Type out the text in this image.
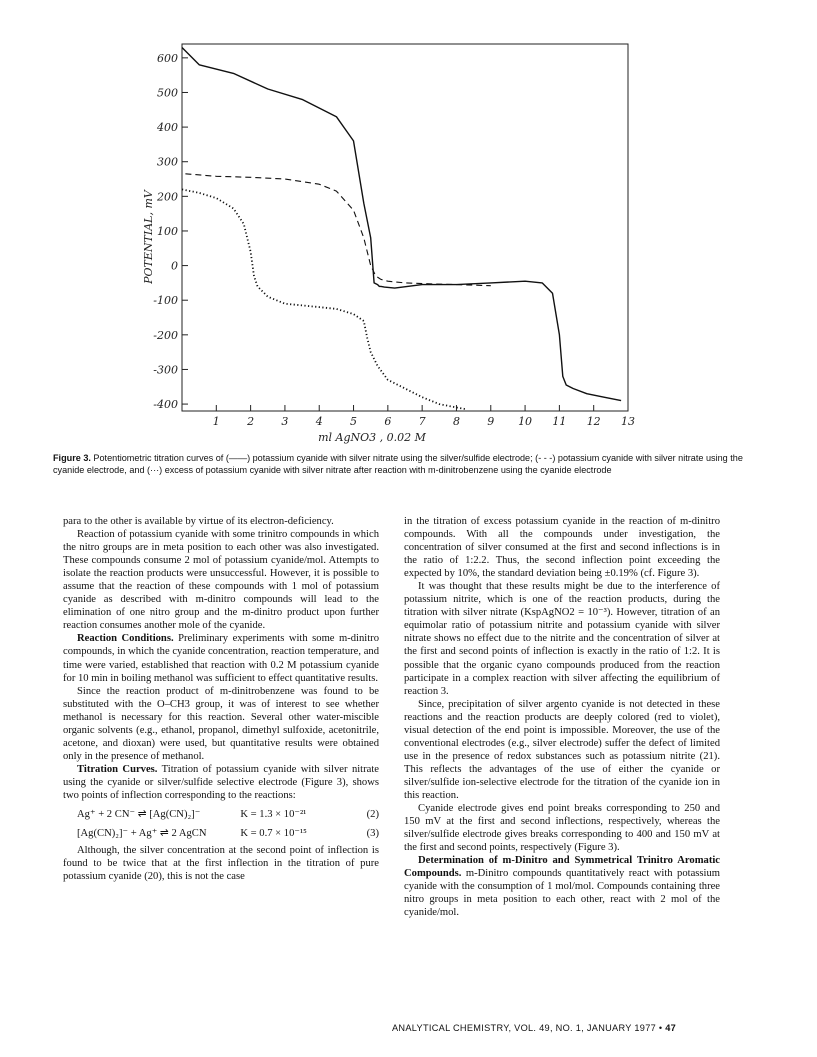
600
500
400
300
200
100
0
-100
-200
-300
-400
1 2 3 4 5 6 7 8 9 10 11 12 13
POTENTIAL, mV
ml AgNO3 , 0.02 M
Figure 3. Potentiometric titration curves of (——) potassium cyanide with silver nitrate using the silver/sulfide electrode; (- - -) potassium cyanide with silver nitrate using the cyanide electrode, and (···) excess of potassium cyanide with silver nitrate after reaction with m-dinitrobenzene using the cyanide electrode

para to the other is available by virtue of its electron-deficiency.

Reaction of potassium cyanide with some trinitro compounds in which the nitro groups are in meta position to each other was also investigated. These compounds consume 2 mol of potassium cyanide/mol. Attempts to isolate the reaction products were unsuccessful. However, it is possible to assume that the reaction of these compounds with 1 mol of potassium cyanide as described with m-dinitro compounds will lead to the elimination of one nitro group and the m-dinitro product upon further reaction consumes another mole of the cyanide.

Reaction Conditions. Preliminary experiments with some m-dinitro compounds, in which the cyanide concentration, reaction temperature, and time were varied, established that reaction with 0.2 M potassium cyanide for 10 min in boiling methanol was sufficient to effect quantitative results.

Since the reaction product of m-dinitrobenzene was found to be substituted with the O–CH3 group, it was of interest to see whether methanol is necessary for this reaction. Several other water-miscible organic solvents (e.g., ethanol, propanol, dimethyl sulfoxide, acetonitrile, acetone, and dioxan) were used, but quantitative results were obtained only in the presence of methanol.

Titration Curves. Titration of potassium cyanide with silver nitrate using the cyanide or silver/sulfide selective electrode (Figure 3), shows two points of inflection corresponding to the reactions:

Ag⁺ + 2 CN⁻ ⇌ [Ag(CN)₂]⁻	K = 1.3 × 10⁻²¹	(2)
[Ag(CN)₂]⁻ + Ag⁺ ⇌ 2 AgCN	K = 0.7 × 10⁻¹⁵	(3)

Although, the silver concentration at the second point of inflection is found to be twice that at the first inflection in the titration of pure potassium cyanide (20), this is not the case

in the titration of excess potassium cyanide in the reaction of m-dinitro compounds. With all the compounds under investigation, the concentration of silver consumed at the first and second inflections is in the ratio of 1:2.2. Thus, the second inflection point exceeding the expected by 10%, the standard deviation being ±0.19% (cf. Figure 3).

It was thought that these results might be due to the interference of potassium nitrite, which is one of the reaction products, during the titration with silver nitrate (KspAgNO2 = 10⁻³). However, titration of an equimolar ratio of potassium nitrite and potassium cyanide with silver nitrate shows no effect due to the nitrite and the concentration of silver at the first and second points of inflection is exactly in the ratio of 1:2. It is possible that the organic cyano compounds produced from the reaction participate in a complex reaction with silver affecting the equilibrium of reaction 3.

Since, precipitation of silver argento cyanide is not detected in these reactions and the reaction products are deeply colored (red to violet), visual detection of the end point is impossible. Moreover, the use of the conventional electrodes (e.g., silver electrode) suffer the defect of limited use in the presence of redox substances such as potassium nitrite (21). This reflects the advantages of the use of either the cyanide or silver/sulfide ion-selective electrode for the titration of the cyanide ion in this reaction.

Cyanide electrode gives end point breaks corresponding to 250 and 150 mV at the first and second inflections, respectively, whereas the silver/sulfide electrode gives breaks corresponding to 400 and 150 mV at the first and second points, respectively (Figure 3).

Determination of m-Dinitro and Symmetrical Trinitro Aromatic Compounds. m-Dinitro compounds quantitatively react with potassium cyanide with the consumption of 1 mol/mol. Compounds containing three nitro groups in meta position to each other, react with 2 mol of the cyanide/mol.

ANALYTICAL CHEMISTRY, VOL. 49, NO. 1, JANUARY 1977 • 47
